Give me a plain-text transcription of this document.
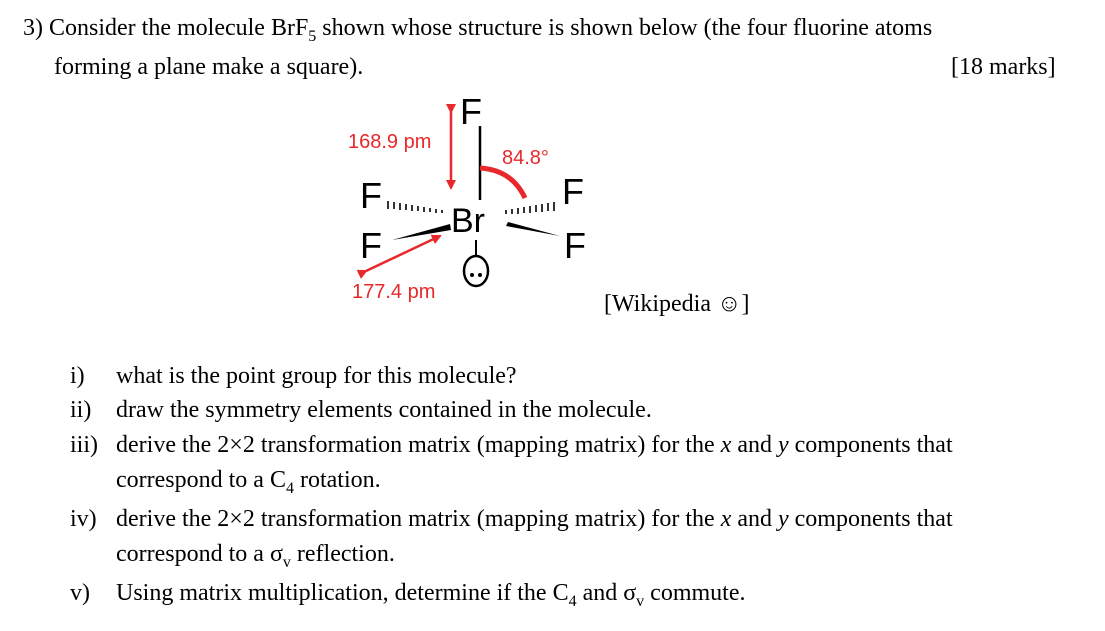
3) Consider the molecule BrF$_5$ shown whose structure is shown below (the four fluorine atoms
forming a plane make a square).	[18 marks]
F
F
F
F
F
Br
168.9 pm
84.8°
177.4 pm	[Wikipedia ☺]
i) what is the point group for this molecule?
ii) draw the symmetry elements contained in the molecule.
iii) derive the 2×2 transformation matrix (mapping matrix) for the x and y components that
correspond to a $C_4$ rotation.
iv) derive the 2×2 transformation matrix (mapping matrix) for the x and y components that
correspond to a $\sigma_v$ reflection.
v) Using matrix multiplication, determine if the $C_4$ and $\sigma_v$ commute.
